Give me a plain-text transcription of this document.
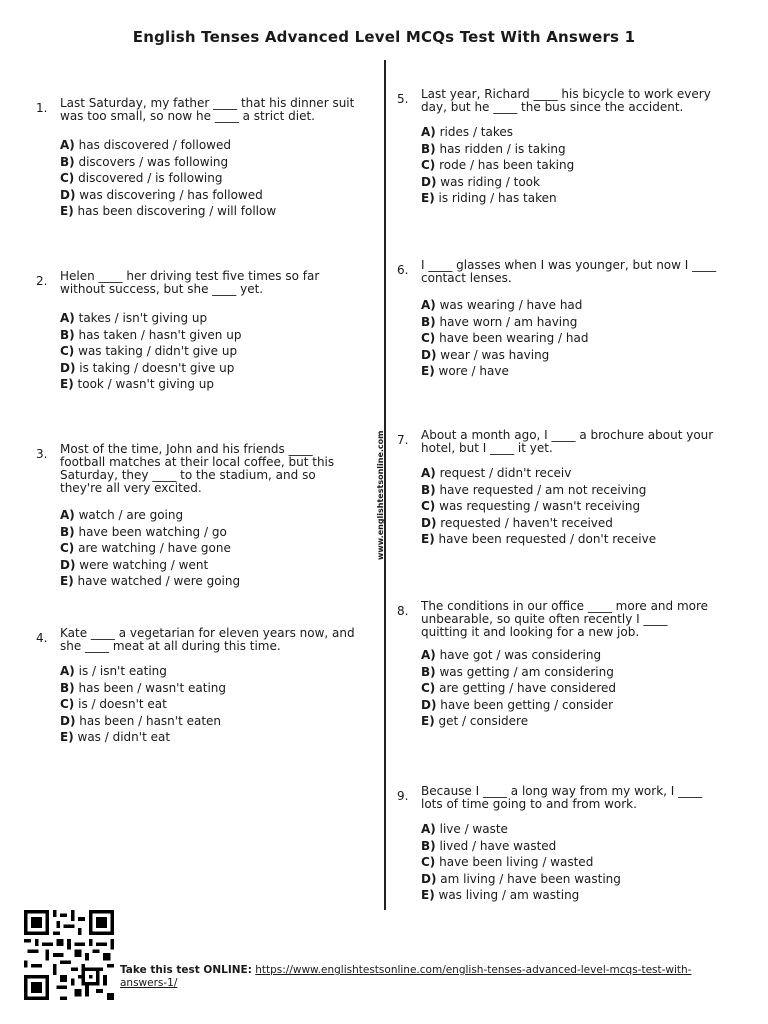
English Tenses Advanced Level MCQs Test With Answers 1
www.englishtestsonline.com
1. Last Saturday, my father ____ that his dinner suit was too small, so now he ____ a strict diet.
A) has discovered / followed
B) discovers / was following
C) discovered / is following
D) was discovering / has followed
E) has been discovering / will follow
2. Helen ____ her driving test five times so far without success, but she ____ yet.
A) takes / isn't giving up
B) has taken / hasn't given up
C) was taking / didn't give up
D) is taking / doesn't give up
E) took / wasn't giving up
3. Most of the time, John and his friends ____ football matches at their local coffee, but this Saturday, they ____ to the stadium, and so they're all very excited.
A) watch / are going
B) have been watching / go
C) are watching / have gone
D) were watching / went
E) have watched / were going
4. Kate ____ a vegetarian for eleven years now, and she ____ meat at all during this time.
A) is / isn't eating
B) has been / wasn't eating
C) is / doesn't eat
D) has been / hasn't eaten
E) was / didn't eat
5. Last year, Richard ____ his bicycle to work every day, but he ____ the bus since the accident.
A) rides / takes
B) has ridden / is taking
C) rode / has been taking
D) was riding / took
E) is riding / has taken
6. I ____ glasses when I was younger, but now I ____ contact lenses.
A) was wearing / have had
B) have worn / am having
C) have been wearing / had
D) wear / was having
E) wore / have
7. About a month ago, I ____ a brochure about your hotel, but I ____ it yet.
A) request / didn't receiv
B) have requested / am not receiving
C) was requesting / wasn't receiving
D) requested / haven't received
E) have been requested / don't receive
8. The conditions in our office ____ more and more unbearable, so quite often recently I ____ quitting it and looking for a new job.
A) have got / was considering
B) was getting / am considering
C) are getting / have considered
D) have been getting / consider
E) get / considere
9. Because I ____ a long way from my work, I ____ lots of time going to and from work.
A) live / waste
B) lived / have wasted
C) have been living / wasted
D) am living / have been wasting
E) was living / am wasting
Take this test ONLINE: https://www.englishtestsonline.com/english-tenses-advanced-level-mcqs-test-with-answers-1/
